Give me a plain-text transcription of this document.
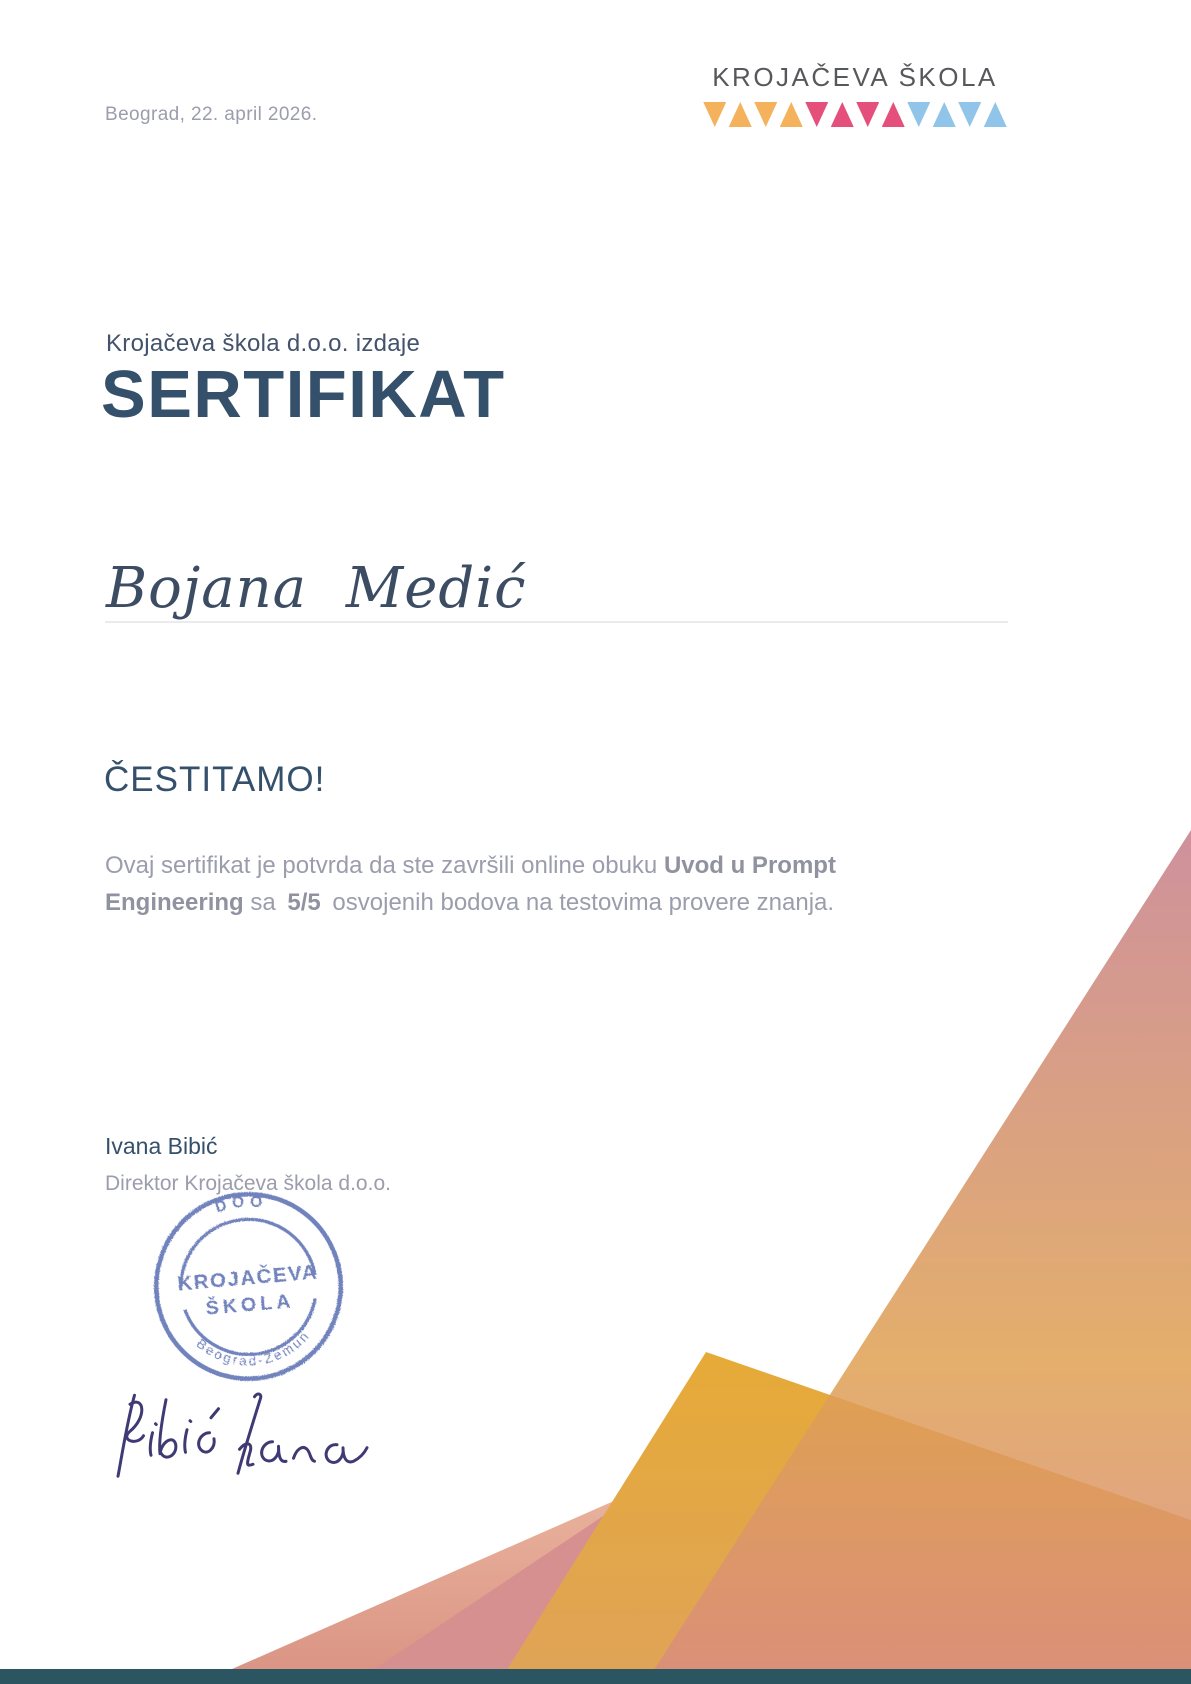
Beograd, 22. april 2026.
KROJAČEVA ŠKOLA
Krojačeva škola d.o.o. izdaje
SERTIFIKAT
Bojana Medić
ČESTITAMO!

Ovaj sertifikat je potvrda da ste završili online obuku Uvod u Prompt Engineering sa 5/5 osvojenih bodova na testovima provere znanja.

Ivana Bibić
Direktor Krojačeva škola d.o.o.
DOO
KROJAČEVA
ŠKOLA
Beograd-Zemun
